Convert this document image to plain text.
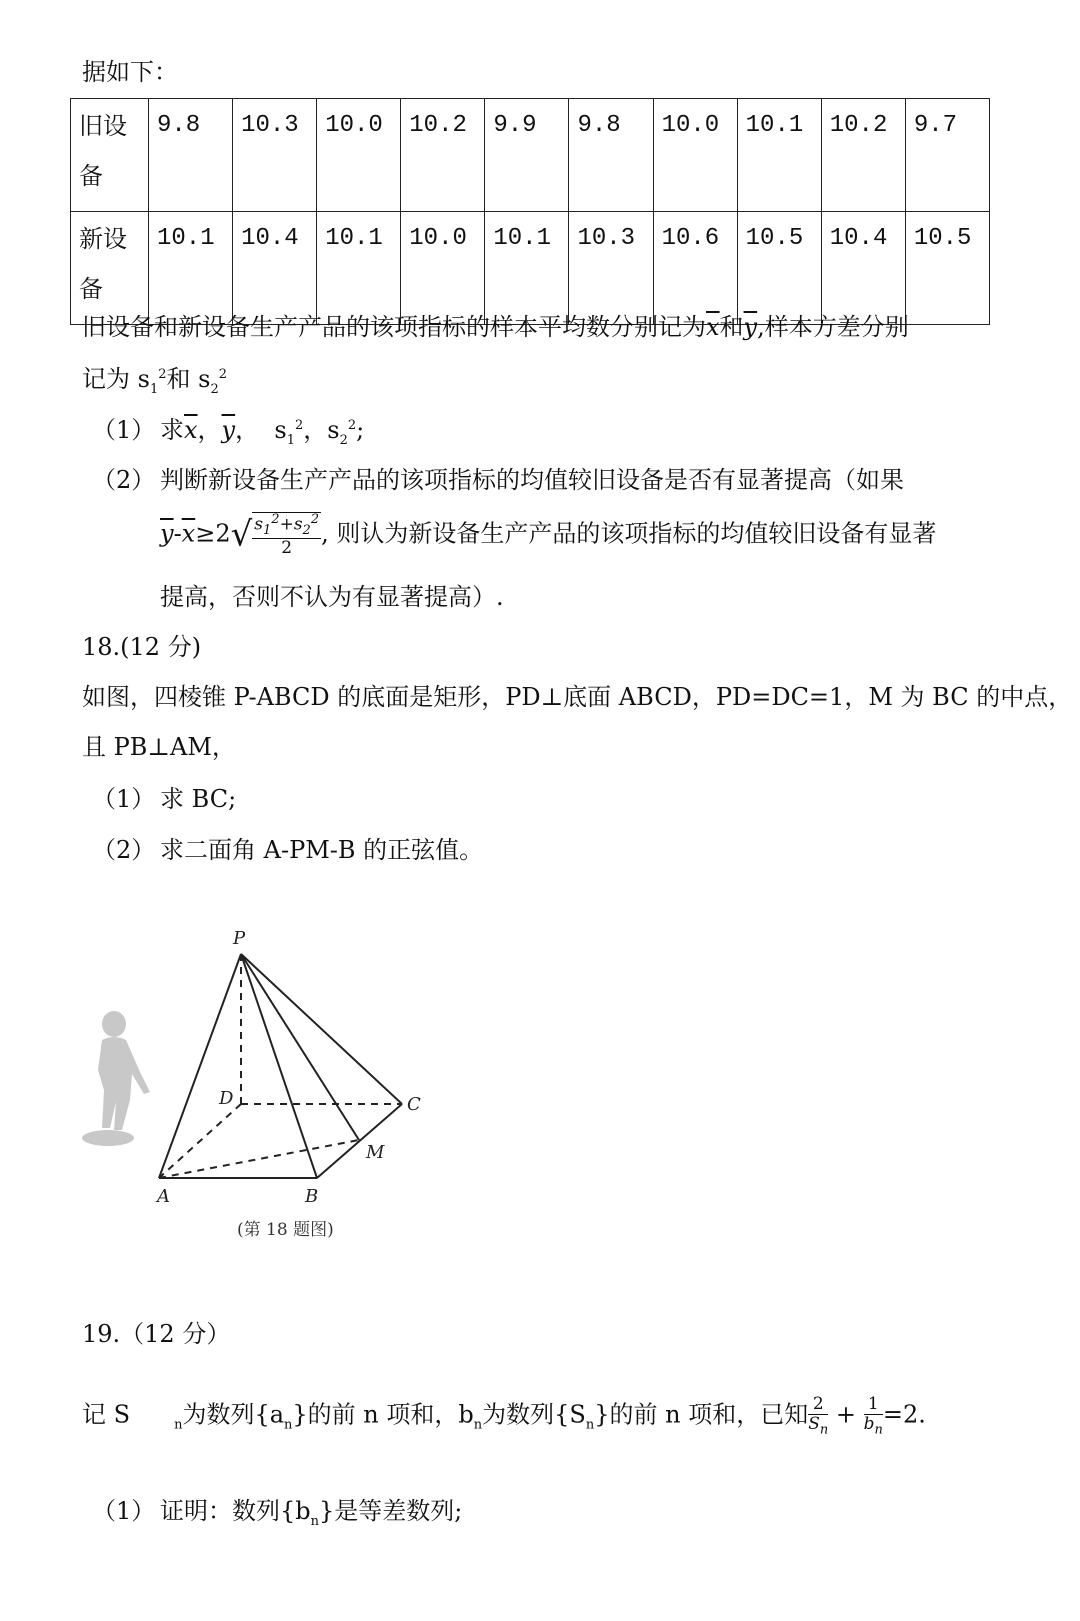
据如下：
旧设备	9.8	10.3	10.0	10.2	9.9	9.8	10.0	10.1	10.2	9.7
新设备	10.1	10.4	10.1	10.0	10.1	10.3	10.6	10.5	10.4	10.5
旧设备和新设备生产产品的该项指标的样本平均数分别记为$\overline{x}$和$\overline{y}$,样本方差分别
记为 $s_1^2$和 $s_2^2$
（1） 求$\overline{x}$，$\overline{y}$，  $s_1^2$，$s_2^2$;
（2） 判断新设备生产产品的该项指标的均值较旧设备是否有显著提高（如果
$\overline{y}-\overline{x}\ge 2√ \frac{s_1^2+s_2^2}{2}$ , 则认为新设备生产产品的该项指标的均值较旧设备有显著
提高，否则不认为有显著提高）.
18.(12 分)
如图，四棱锥 P-ABCD 的底面是矩形，PD⊥底面 ABCD，PD=DC=1，M 为 BC 的中点，
且 PB⊥AM，
（1） 求 BC;
（2） 求二面角 A-PM-B 的正弦值。
P
D	C
M
A	B
(第 18 题图)
19.（12 分）
记 S	$_n$为数列$\{a_n\}$的前 n 项和，$b_n$为数列$\{S_n\}$的前 n 项和，已知 $\frac{2}{S_n} + \frac{1}{b_n} =2$.
（1） 证明：数列$\{b_n\}$是等差数列;
